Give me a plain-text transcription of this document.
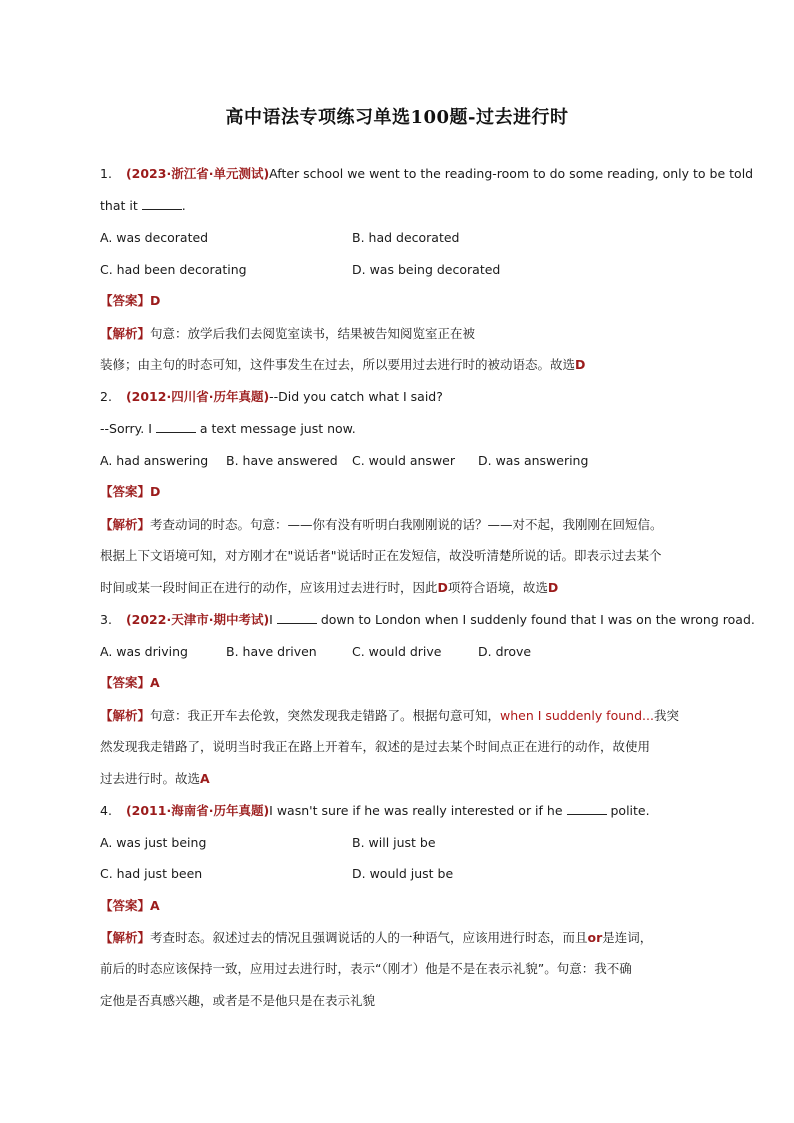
高中语法专项练习单选100题-过去进行时
1. (2023·浙江省·单元测试)After school we went to the reading-room to do some reading, only to be told
that it	.
A. was decorated	B. had decorated
C. had been decorating	D. was being decorated
【答案】D
【解析】句意：放学后我们去阅览室读书，结果被告知阅览室正在被
装修；由主句的时态可知，这件事发生在过去，所以要用过去进行时的被动语态。故选D
2. (2012·四川省·历年真题)--Did you catch what I said?
--Sorry. I	a text message just now.
A. had answering B. have answered C. would answer D. was answering
【答案】D
【解析】考查动词的时态。句意：——你有没有听明白我刚刚说的话？——对不起，我刚刚在回短信。
根据上下文语境可知，对方刚才在"说话者"说话时正在发短信，故没听清楚所说的话。即表示过去某个
时间或某一段时间正在进行的动作，应该用过去进行时，因此D项符合语境，故选D
3. (2022·天津市·期中考试)I	down to London when I suddenly found that I was on the wrong road.
A. was driving	B. have driven	C. would drive	D. drove
【答案】A
【解析】句意：我正开车去伦敦，突然发现我走错路了。根据句意可知，when I suddenly found...我突
然发现我走错路了，说明当时我正在路上开着车，叙述的是过去某个时间点正在进行的动作，故使用
过去进行时。故选A
4. (2011·海南省·历年真题)I wasn't sure if he was really interested or if he	polite.
A. was just being	B. will just be
C. had just been	D. would just be
【答案】A
【解析】考查时态。叙述过去的情况且强调说话的人的一种语气，应该用进行时态，而且or是连词，
前后的时态应该保持一致，应用过去进行时，表示“（刚才）他是不是在表示礼貌”。句意：我不确
定他是否真感兴趣，或者是不是他只是在表示礼貌
